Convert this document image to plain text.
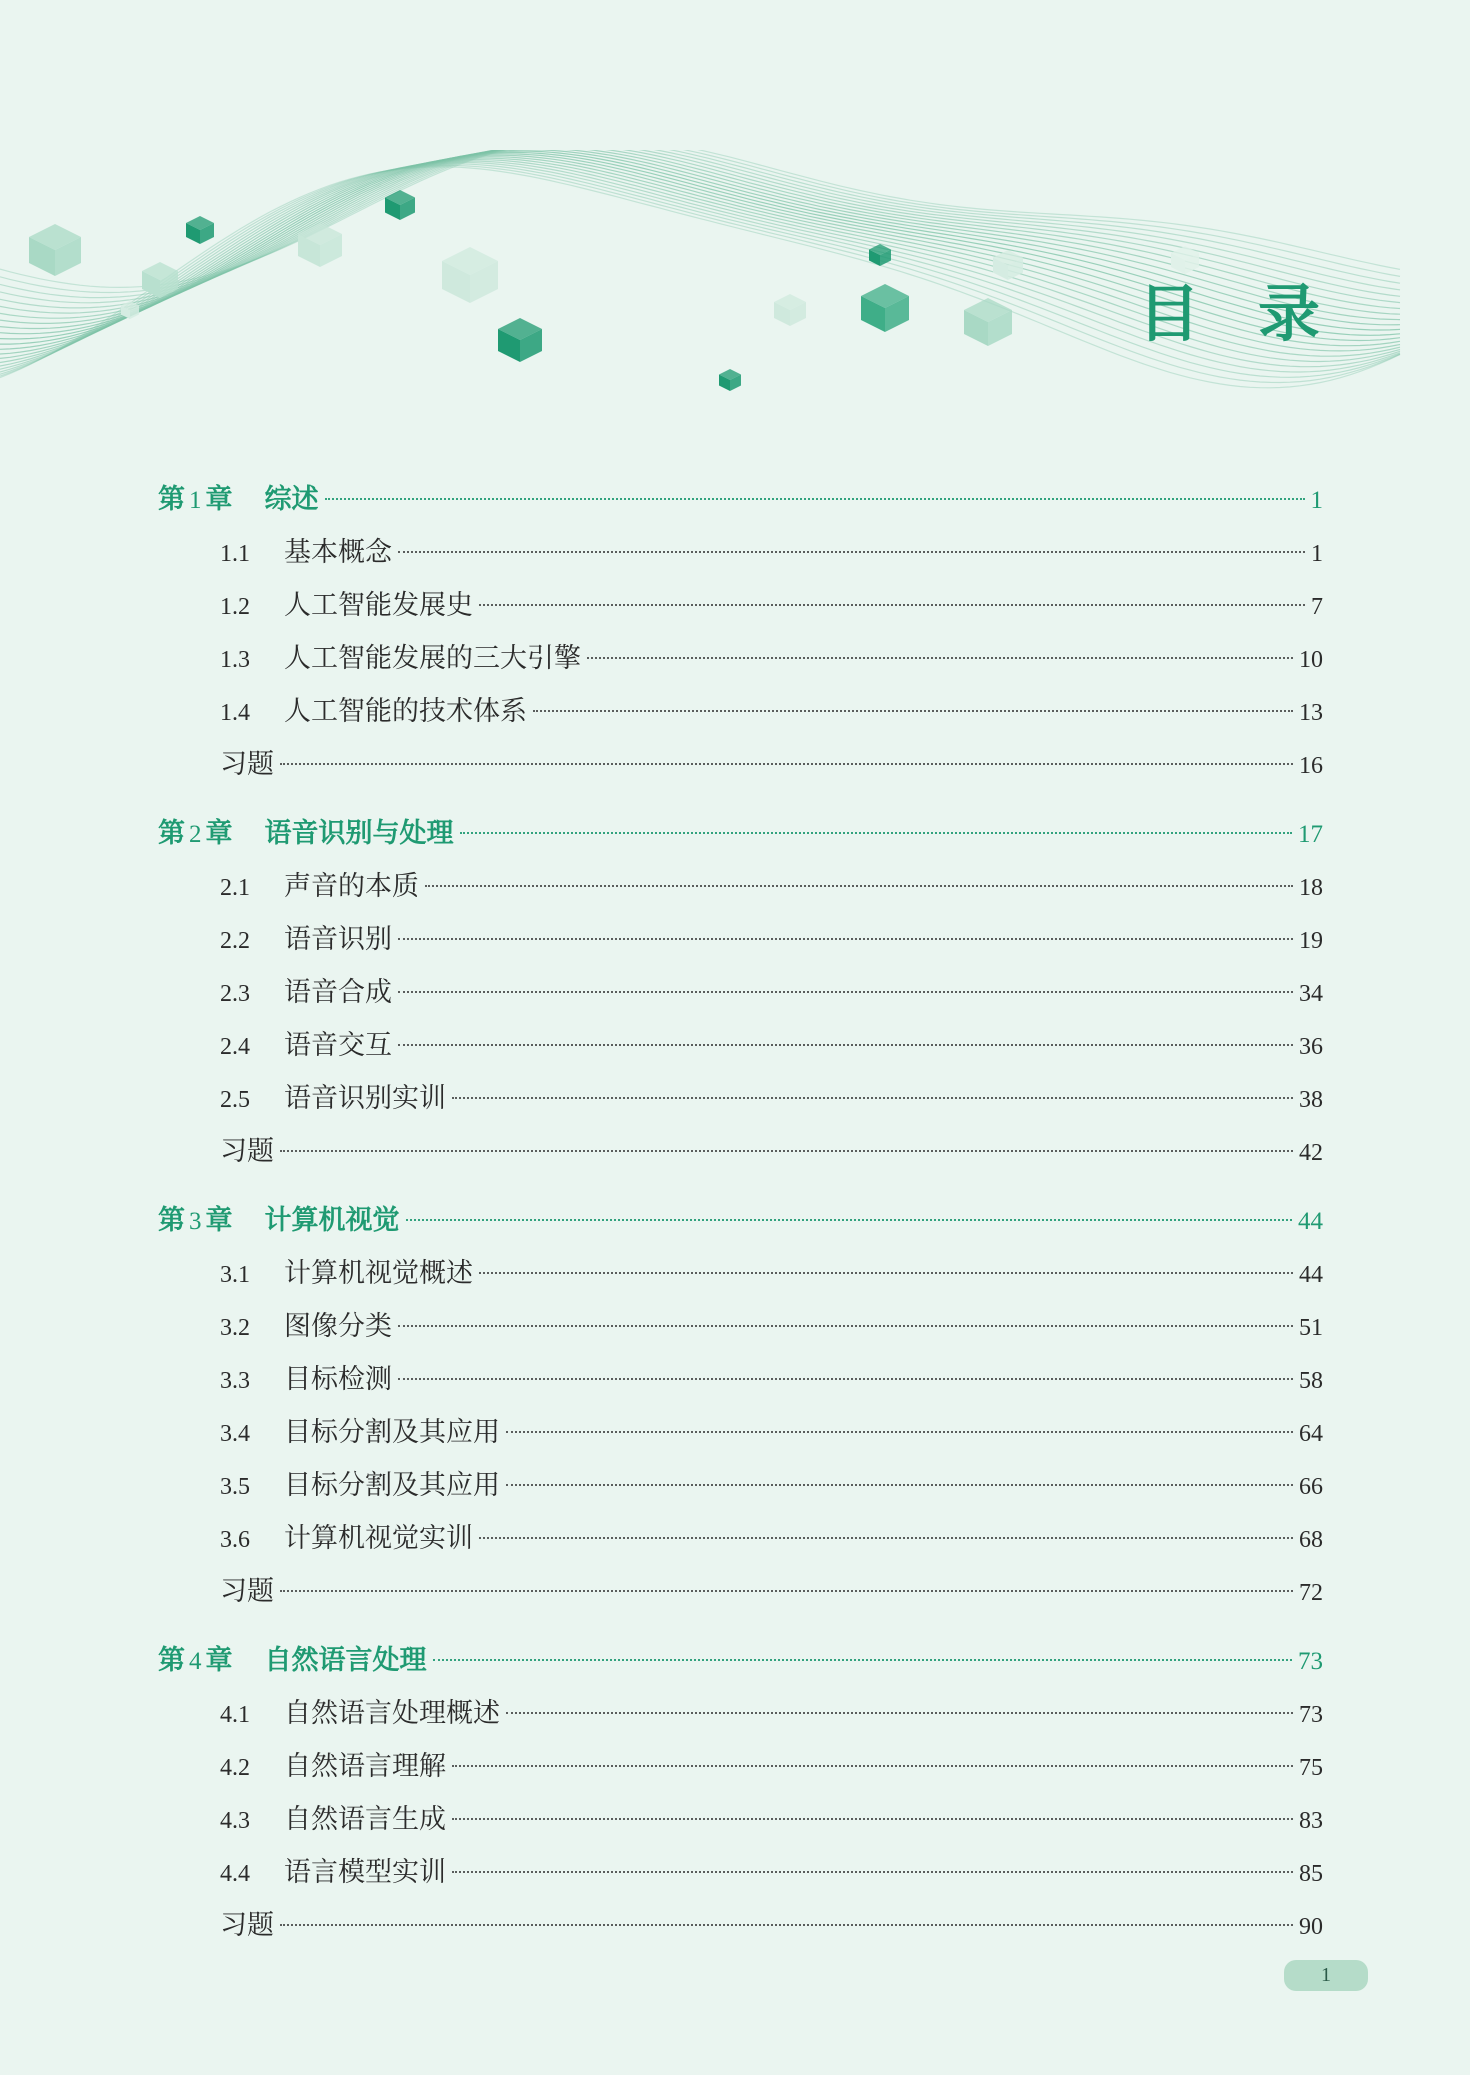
目录
第 1 章 综述	1
1.1	基本概念	1
1.2	人工智能发展史	7
1.3	人工智能发展的三大引擎	10
1.4	人工智能的技术体系	13
习题	16
第 2 章 语音识别与处理	17
2.1	声音的本质	18
2.2	语音识别	19
2.3	语音合成	34
2.4	语音交互	36
2.5	语音识别实训	38
习题	42
第 3 章 计算机视觉	44
3.1	计算机视觉概述	44
3.2	图像分类	51
3.3	目标检测	58
3.4	目标分割及其应用	64
3.5	目标分割及其应用	66
3.6	计算机视觉实训	68
习题	72
第 4 章 自然语言处理	73
4.1	自然语言处理概述	73
4.2	自然语言理解	75
4.3	自然语言生成	83
4.4	语言模型实训	85
习题	90
1
